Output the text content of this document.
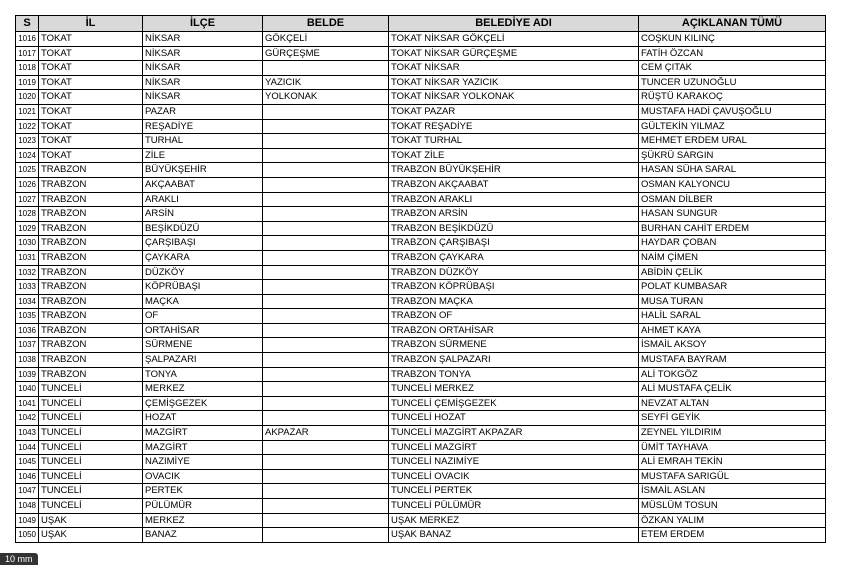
S	İL	İLÇE	BELDE	BELEDİYE ADI	AÇIKLANAN TÜMÜ
1016	TOKAT	NİKSAR	GÖKÇELİ	TOKAT NİKSAR GÖKÇELİ	COŞKUN KILINÇ
1017	TOKAT	NİKSAR	GÜRÇEŞME	TOKAT NİKSAR GÜRÇEŞME	FATİH ÖZCAN
1018	TOKAT	NİKSAR		TOKAT NİKSAR	CEM ÇITAK
1019	TOKAT	NİKSAR	YAZICIK	TOKAT NİKSAR YAZICIK	TUNCER UZUNOĞLU
1020	TOKAT	NİKSAR	YOLKONAK	TOKAT NİKSAR YOLKONAK	RÜŞTÜ KARAKOÇ
1021	TOKAT	PAZAR		TOKAT PAZAR	MUSTAFA HADİ ÇAVUŞOĞLU
1022	TOKAT	REŞADİYE		TOKAT REŞADİYE	GÜLTEKİN YILMAZ
1023	TOKAT	TURHAL		TOKAT TURHAL	MEHMET ERDEM URAL
1024	TOKAT	ZİLE		TOKAT ZİLE	ŞÜKRÜ SARGIN
1025	TRABZON	BÜYÜKŞEHİR		TRABZON BÜYÜKŞEHİR	HASAN SÜHA SARAL
1026	TRABZON	AKÇAABAT		TRABZON AKÇAABAT	OSMAN KALYONCU
1027	TRABZON	ARAKLI		TRABZON ARAKLI	OSMAN DİLBER
1028	TRABZON	ARSİN		TRABZON ARSİN	HASAN SUNGUR
1029	TRABZON	BEŞİKDÜZÜ		TRABZON BEŞİKDÜZÜ	BURHAN CAHİT ERDEM
1030	TRABZON	ÇARŞIBAŞI		TRABZON ÇARŞIBAŞI	HAYDAR ÇOBAN
1031	TRABZON	ÇAYKARA		TRABZON ÇAYKARA	NAİM ÇİMEN
1032	TRABZON	DÜZKÖY		TRABZON DÜZKÖY	ABİDİN ÇELİK
1033	TRABZON	KÖPRÜBAŞI		TRABZON KÖPRÜBAŞI	POLAT KUMBASAR
1034	TRABZON	MAÇKA		TRABZON MAÇKA	MUSA TURAN
1035	TRABZON	OF		TRABZON OF	HALİL SARAL
1036	TRABZON	ORTAHİSAR		TRABZON ORTAHİSAR	AHMET KAYA
1037	TRABZON	SÜRMENE		TRABZON SÜRMENE	İSMAİL AKSOY
1038	TRABZON	ŞALPAZARI		TRABZON ŞALPAZARI	MUSTAFA BAYRAM
1039	TRABZON	TONYA		TRABZON TONYA	ALİ TOKGÖZ
1040	TUNCELİ	MERKEZ		TUNCELİ MERKEZ	ALİ MUSTAFA ÇELİK
1041	TUNCELİ	ÇEMİŞGEZEK		TUNCELİ ÇEMİŞGEZEK	NEVZAT ALTAN
1042	TUNCELİ	HOZAT		TUNCELİ HOZAT	SEYFİ GEYİK
1043	TUNCELİ	MAZGİRT	AKPAZAR	TUNCELİ MAZGİRT AKPAZAR	ZEYNEL YILDIRIM
1044	TUNCELİ	MAZGİRT		TUNCELİ MAZGİRT	ÜMİT TAYHAVA
1045	TUNCELİ	NAZIMİYE		TUNCELİ NAZIMİYE	ALİ EMRAH TEKİN
1046	TUNCELİ	OVACIK		TUNCELİ OVACIK	MUSTAFA SARIGÜL
1047	TUNCELİ	PERTEK		TUNCELİ PERTEK	İSMAİL ASLAN
1048	TUNCELİ	PÜLÜMÜR		TUNCELİ PÜLÜMÜR	MÜSLÜM TOSUN
1049	UŞAK	MERKEZ		UŞAK MERKEZ	ÖZKAN YALIM
1050	UŞAK	BANAZ		UŞAK BANAZ	ETEM ERDEM
10 mm
